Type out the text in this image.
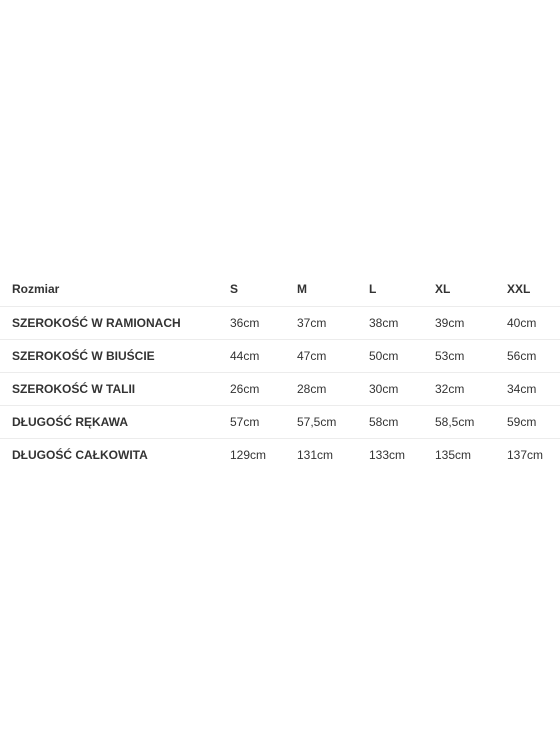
Rozmiar	S	M	L	XL	XXL
SZEROKOŚĆ W RAMIONACH	36cm	37cm	38cm	39cm	40cm
SZEROKOŚĆ W BIUŚCIE	44cm	47cm	50cm	53cm	56cm
SZEROKOŚĆ W TALII	26cm	28cm	30cm	32cm	34cm
DŁUGOŚĆ RĘKAWA	57cm	57,5cm	58cm	58,5cm	59cm
DŁUGOŚĆ CAŁKOWITA	129cm	131cm	133cm	135cm	137cm
